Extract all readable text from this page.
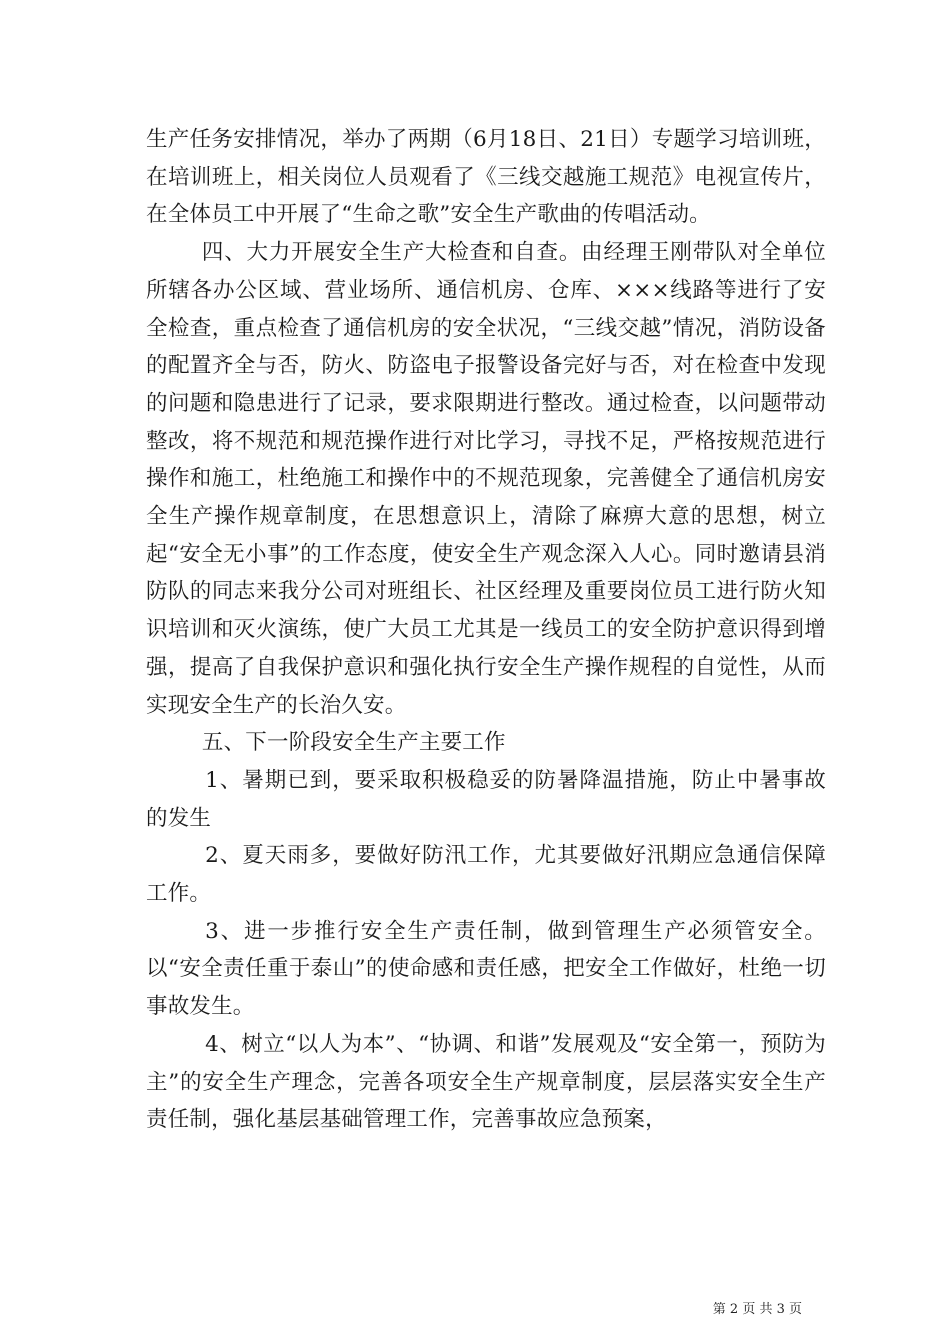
生产任务安排情况，举办了两期（6月18日、21日）专题学习培训班，在培训班上，相关岗位人员观看了《三线交越施工规范》电视宣传片，在全体员工中开展了“生命之歌”安全生产歌曲的传唱活动。

四、大力开展安全生产大检查和自查。由经理王刚带队对全单位所辖各办公区域、营业场所、通信机房、仓库、×××线路等进行了安全检查，重点检查了通信机房的安全状况，“三线交越”情况，消防设备的配置齐全与否，防火、防盗电子报警设备完好与否，对在检查中发现的问题和隐患进行了记录，要求限期进行整改。通过检查，以问题带动整改，将不规范和规范操作进行对比学习，寻找不足，严格按规范进行操作和施工，杜绝施工和操作中的不规范现象，完善健全了通信机房安全生产操作规章制度，在思想意识上，清除了麻痹大意的思想，树立起“安全无小事”的工作态度，使安全生产观念深入人心。同时邀请县消防队的同志来我分公司对班组长、社区经理及重要岗位员工进行防火知识培训和灭火演练，使广大员工尤其是一线员工的安全防护意识得到增强，提高了自我保护意识和强化执行安全生产操作规程的自觉性，从而实现安全生产的长治久安。

五、下一阶段安全生产主要工作

1、暑期已到，要采取积极稳妥的防暑降温措施，防止中暑事故的发生

2、夏天雨多，要做好防汛工作，尤其要做好汛期应急通信保障工作。

3、进一步推行安全生产责任制，做到管理生产必须管安全。以“安全责任重于泰山”的使命感和责任感，把安全工作做好，杜绝一切事故发生。

4、树立“以人为本”、“协调、和谐”发展观及“安全第一，预防为主”的安全生产理念，完善各项安全生产规章制度，层层落实安全生产责任制，强化基层基础管理工作，完善事故应急预案，

第 2 页 共 3 页
